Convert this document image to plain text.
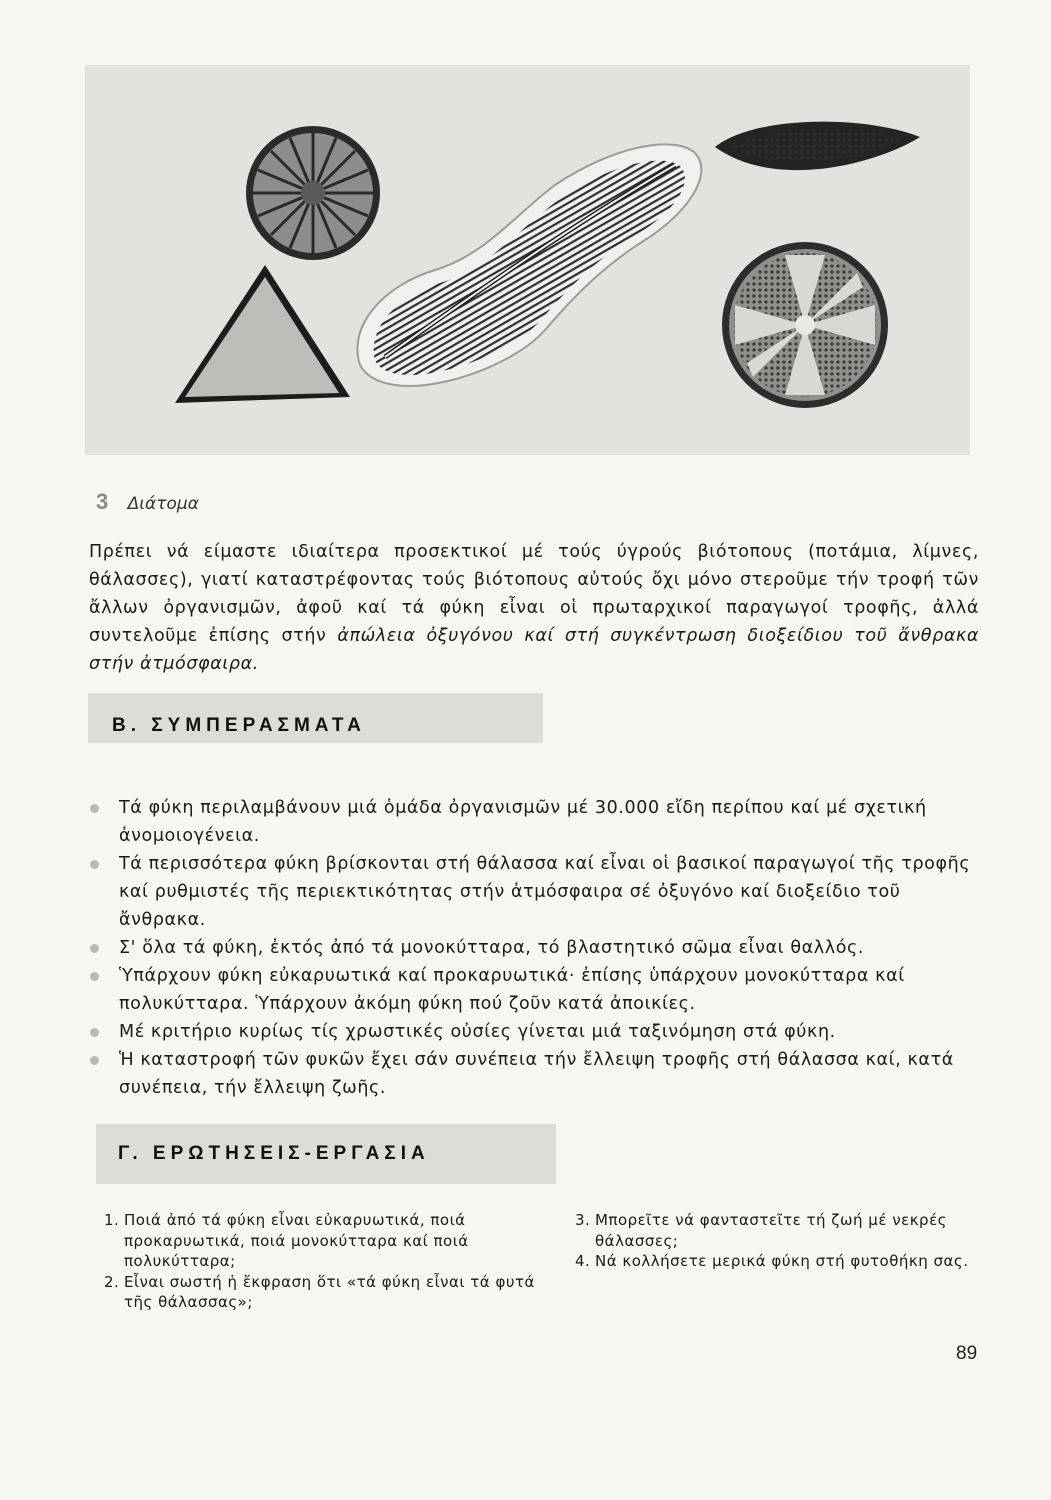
3 Διάτομα
Πρέπει νά είμαστε ιδιαίτερα προσεκτικοί μέ τούς ύγρούς βιότοπους (ποτάμια, λίμνες, θάλασσες), γιατί καταστρέφοντας τούς βιότοπους αὐτούς ὄχι μόνο στεροῦμε τήν τροφή τῶν ἄλλων ὀργανισμῶν, ἀφοῦ καί τά φύκη εἶναι οἱ πρωταρχικοί παραγωγοί τροφῆς, ἀλλά συντελοῦμε ἐπίσης στήν ἀπώλεια ὀξυγόνου καί στή συγκέντρωση διοξείδιου τοῦ ἄνθρακα στήν ἀτμόσφαιρα.
Β. ΣΥΜΠΕΡΑΣΜΑΤΑ
Τά φύκη περιλαμβάνουν μιά ὁμάδα ὀργανισμῶν μέ 30.000 εἴδη περίπου καί μέ σχετική ἀνομοιογένεια.
Τά περισσότερα φύκη βρίσκονται στή θάλασσα καί εἶναι οἱ βασικοί παραγωγοί τῆς τροφῆς καί ρυθμιστές τῆς περιεκτικότητας στήν ἀτμόσφαιρα σέ ὀξυγόνο καί διοξείδιο τοῦ ἄνθρακα.
Σ' ὅλα τά φύκη, ἐκτός ἀπό τά μονοκύτταρα, τό βλαστητικό σῶμα εἶναι θαλλός.
Ὑπάρχουν φύκη εὐκαρυωτικά καί προκαρυωτικά· ἐπίσης ὑπάρχουν μονοκύτταρα καί πολυκύτταρα. Ὑπάρχουν ἀκόμη φύκη πού ζοῦν κατά ἀποικίες.
Μέ κριτήριο κυρίως τίς χρωστικές οὐσίες γίνεται μιά ταξινόμηση στά φύκη.
Ἡ καταστροφή τῶν φυκῶν ἔχει σάν συνέπεια τήν ἔλλειψη τροφῆς στή θάλασσα καί, κατά συνέπεια, τήν ἔλλειψη ζωῆς.
Γ. ΕΡΩΤΗΣΕΙΣ-ΕΡΓΑΣΙΑ
1. Ποιά ἀπό τά φύκη εἶναι εὐκαρυωτικά, ποιά προκαρυωτικά, ποιά μονοκύτταρα καί ποιά πολυκύτταρα;
2. Εἶναι σωστή ἡ ἔκφραση ὅτι «τά φύκη εἶναι τά φυτά τῆς θάλασσας»;
3. Μπορεῖτε νά φανταστεῖτε τή ζωή μέ νεκρές θάλασσες;
4. Νά κολλήσετε μερικά φύκη στή φυτοθήκη σας.
89
